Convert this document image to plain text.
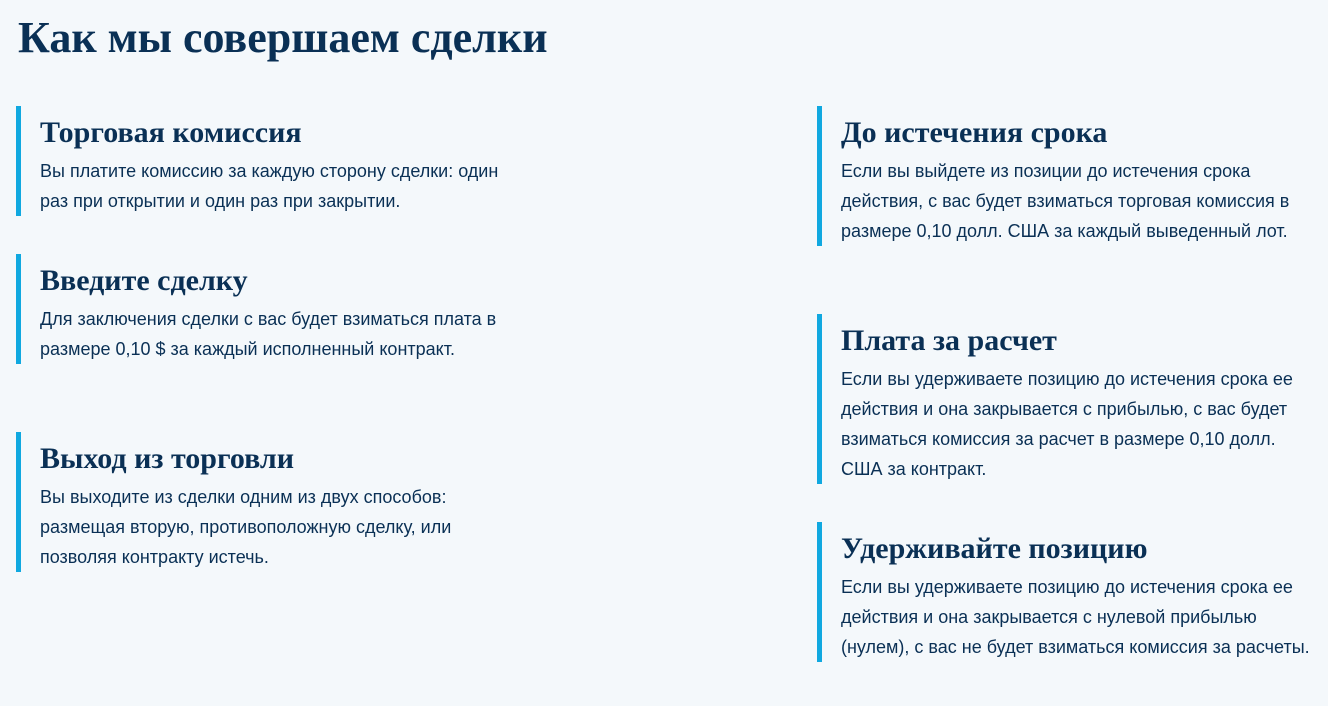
Как мы совершаем сделки
Торговая комиссия

Вы платите комиссию за каждую сторону сделки: один раз при открытии и один раз при закрытии.

Введите сделку

Для заключения сделки с вас будет взиматься плата в размере 0,10 $ за каждый исполненный контракт.

Выход из торговли

Вы выходите из сделки одним из двух способов: размещая вторую, противоположную сделку, или позволяя контракту истечь.

До истечения срока

Если вы выйдете из позиции до истечения срока действия, с вас будет взиматься торговая комиссия в размере 0,10 долл. США за каждый выведенный лот.

Плата за расчет

Если вы удерживаете позицию до истечения срока ее действия и она закрывается с прибылью, с вас будет взиматься комиссия за расчет в размере 0,10 долл. США за контракт.

Удерживайте позицию

Если вы удерживаете позицию до истечения срока ее действия и она закрывается с нулевой прибылью (нулем), с вас не будет взиматься комиссия за расчеты.
